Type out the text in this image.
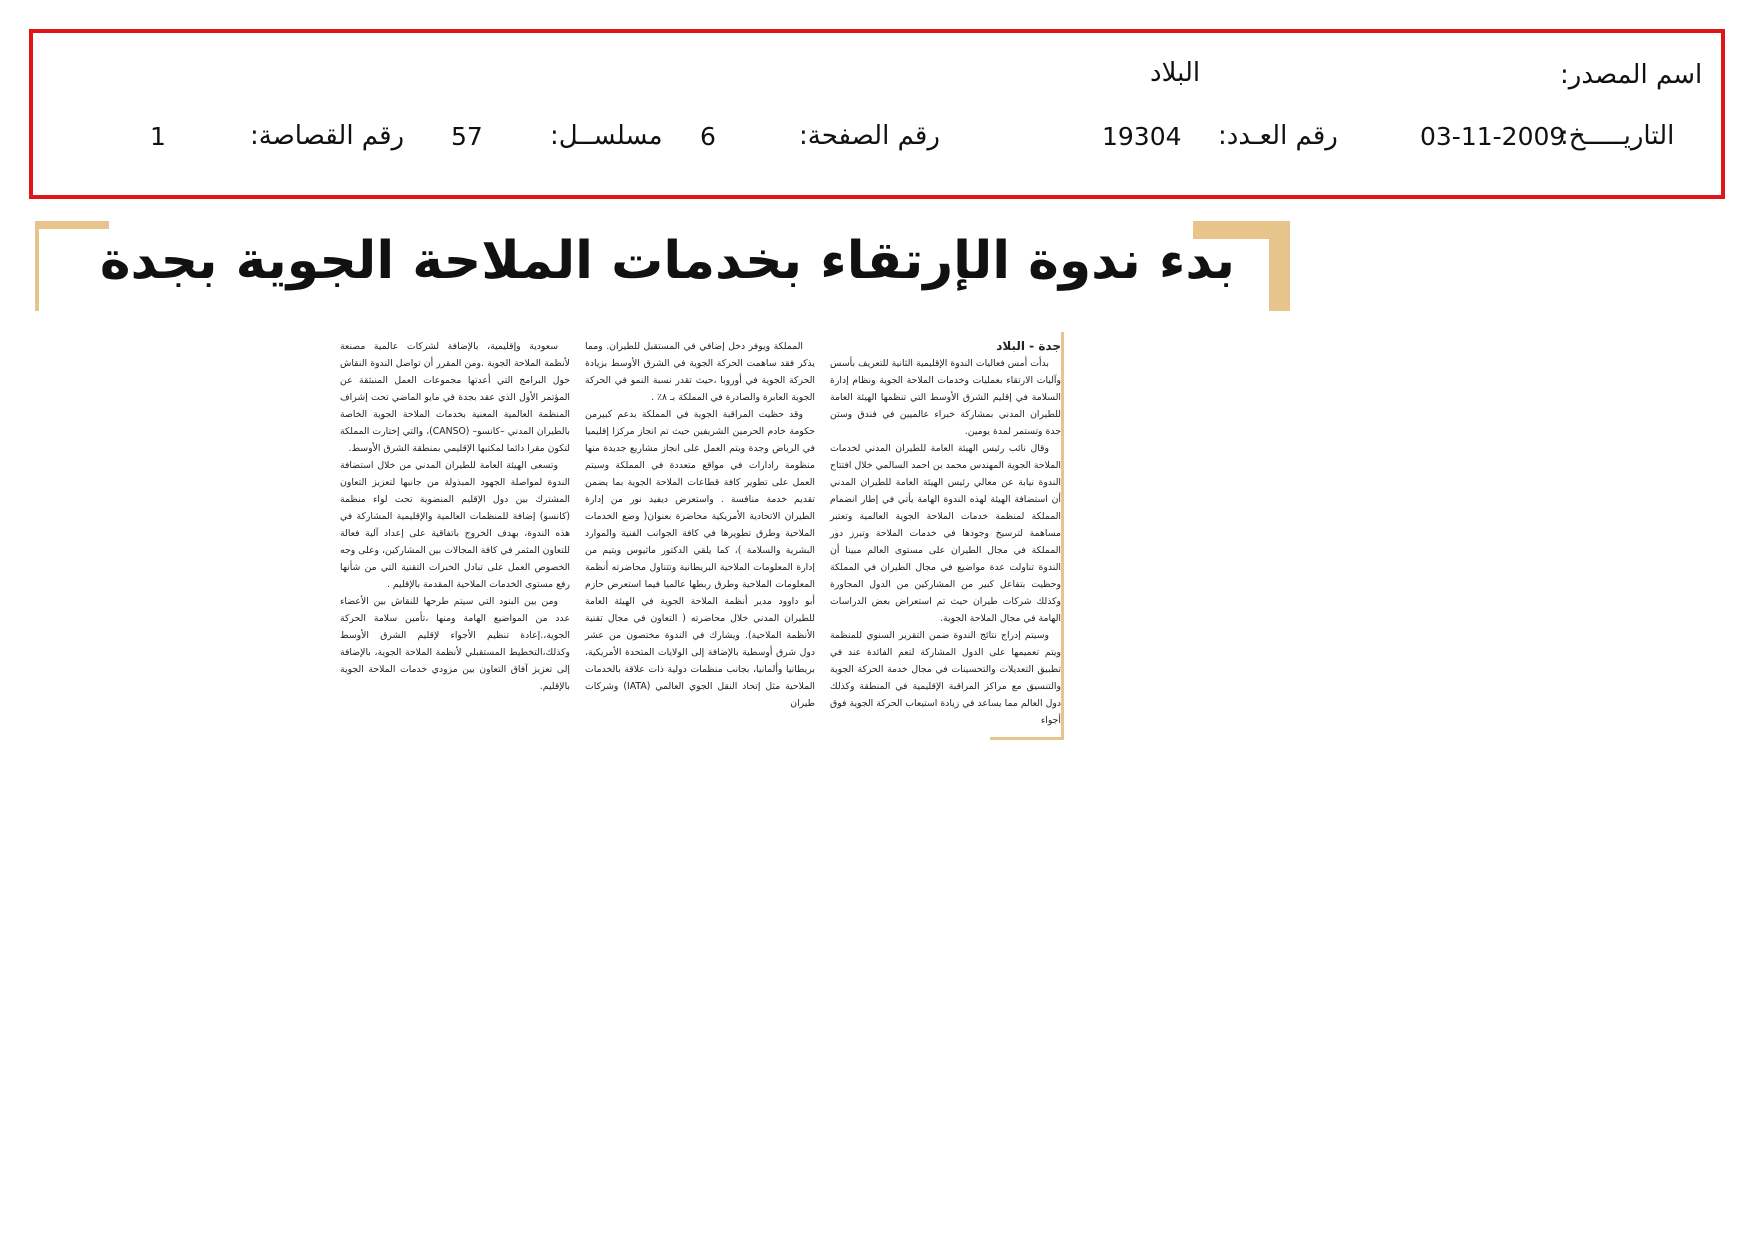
اسم المصدر:
البلاد
التاريـــــخ:
03-11-2009
رقم العـدد:
19304
رقم الصفحة:
6
مسلســل:
57
رقم القصاصة:
1
بدء ندوة الإرتقاء بخدمات الملاحة الجوية بجدة
جدة - البلاد

بدأت أمس فعاليات الندوة الإقليمية الثانية للتعريف بأسس وآليات الارتقاء بعمليات وخدمات الملاحة الجوية ونظام إدارة السلامة في إقليم الشرق الأوسط التي تنظمها الهيئة العامة للطيران المدني بمشاركة خبراء عالميين في فندق وستن جدة وتستمر لمدة يومين.

وقال نائب رئيس الهيئة العامة للطيران المدني لخدمات الملاحة الجوية المهندس محمد بن احمد السالمي خلال افتتاح الندوة نيابة عن معالي رئيس الهيئة العامة للطيران المدني أن استضافة الهيئة لهذه الندوة الهامة يأتي في إطار انضمام المملكة لمنظمة خدمات الملاحة الجوية العالمية وتعتبر مساهمة لترسيخ وجودها في خدمات الملاحة وتبرز دور المملكة في مجال الطيران على مستوى العالم مبينا أن الندوة تناولت عدة مواضيع في مجال الطيران في المملكة وحظيت بتفاعل كبير من المشاركين من الدول المجاورة وكذلك شركات طيران حيث تم استعراض بعض الدراسات الهامة في مجال الملاحة الجوية.

وسيتم إدراج نتائج الندوة ضمن التقرير السنوي للمنظمة ويتم تعميمها على الدول المشاركة لتعم الفائدة عند في تطبيق التعديلات والتحسينات في مجال خدمة الحركة الجوية والتنسيق مع مراكز المراقبة الإقليمية في المنطقة وكذلك دول العالم مما يساعد في زيادة استيعاب الحركة الجوية فوق أجواء

المملكة ويوفر دخل إضافي في المستقبل للطيران. ومما يذكر فقد ساهمت الحركة الجوية في الشرق الأوسط بزيادة الحركة الجوية في أوروبا ،حيث تقدر نسبة النمو في الحركة الجوية العابرة والصادرة في المملكة بـ ٨٪ .

وقد حظيت المراقبة الجوية في المملكة بدعم كبيرمن حكومة خادم الحرمين الشريفين حيث تم انجاز مركزا إقليميا في الرياض وجدة ويتم العمل على انجاز مشاريع جديدة منها منظومة رادارات في مواقع متعددة في المملكة وسيتم العمل على تطوير كافة قطاعات الملاحة الجوية بما يضمن تقديم خدمة منافسة . واستعرض ديفيد نور من إدارة الطيران الاتحادية الأمريكية محاضرة بعنوان( وضع الخدمات الملاحية وطرق تطويرها في كافة الجوانب الفنية والموارد البشرية والسلامة )، كما يلقي الدكتور ماثيوس ويتيم من إدارة المعلومات الملاحية البريطانية وتتناول محاضرته أنظمة المعلومات الملاحية وطرق ربطها عالميا فيما استعرض حازم أبو داوود مدير أنظمة الملاحة الجوية في الهيئة العامة للطيران المدني خلال محاضرته ( التعاون في مجال تقنية الأنظمة الملاحية). ويشارك في الندوة مختصون من عشر دول شرق أوسطية بالإضافة إلى الولايات المتحدة الأمريكية، بريطانيا وألمانيا، بجانب منظمات دولية ذات علاقة بالخدمات الملاحية مثل إتحاد النقل الجوي العالمي (IATA) وشركات طيران

سعودية وإقليمية، بالإضافة لشركات عالمية مصنعة لأنظمة الملاحة الجوية .ومن المقرر أن تواصل الندوة النقاش حول البرامج التي أعدتها مجموعات العمل المنبثقة عن المؤتمر الأول الذي عقد بجدة في مايو الماضي تحت إشراف المنظمة العالمية المعنية بخدمات الملاحة الجوية الخاصة بالطيران المدني –كانسو– (CANSO)، والتي إختارت المملكة لتكون مقرا دائما لمكتبها الإقليمي بمنطقة الشرق الأوسط.

وتسعى الهيئة العامة للطيران المدني من خلال استضافة الندوة لمواصلة الجهود المبذولة من جانبها لتعزيز التعاون المشترك بين دول الإقليم المنضوية تحت لواء منظمة (كانسو) إضافة للمنظمات العالمية والإقليمية المشاركة في هذه الندوة، بهدف الخروج باتفاقية على إعداد آلية فعالة للتعاون المثمر في كافة المجالات بين المشاركين، وعلى وجه الخصوص العمل على تبادل الخبرات التقنية التي من شأنها رفع مستوى الخدمات الملاحية المقدمة بالإقليم .

ومن بين البنود التي سيتم طرحها للنقاش بين الأعضاء عدد من المواضيع الهامة ومنها ،تأمين سلامة الحركة الجوية،.إعادة تنظيم الأجواء لإقليم الشرق الأوسط وكذلك،التخطيط المستقبلي لأنظمة الملاحة الجوية، بالإضافة إلى تعزيز آفاق التعاون بين مزودي خدمات الملاحة الجوية بالإقليم.
